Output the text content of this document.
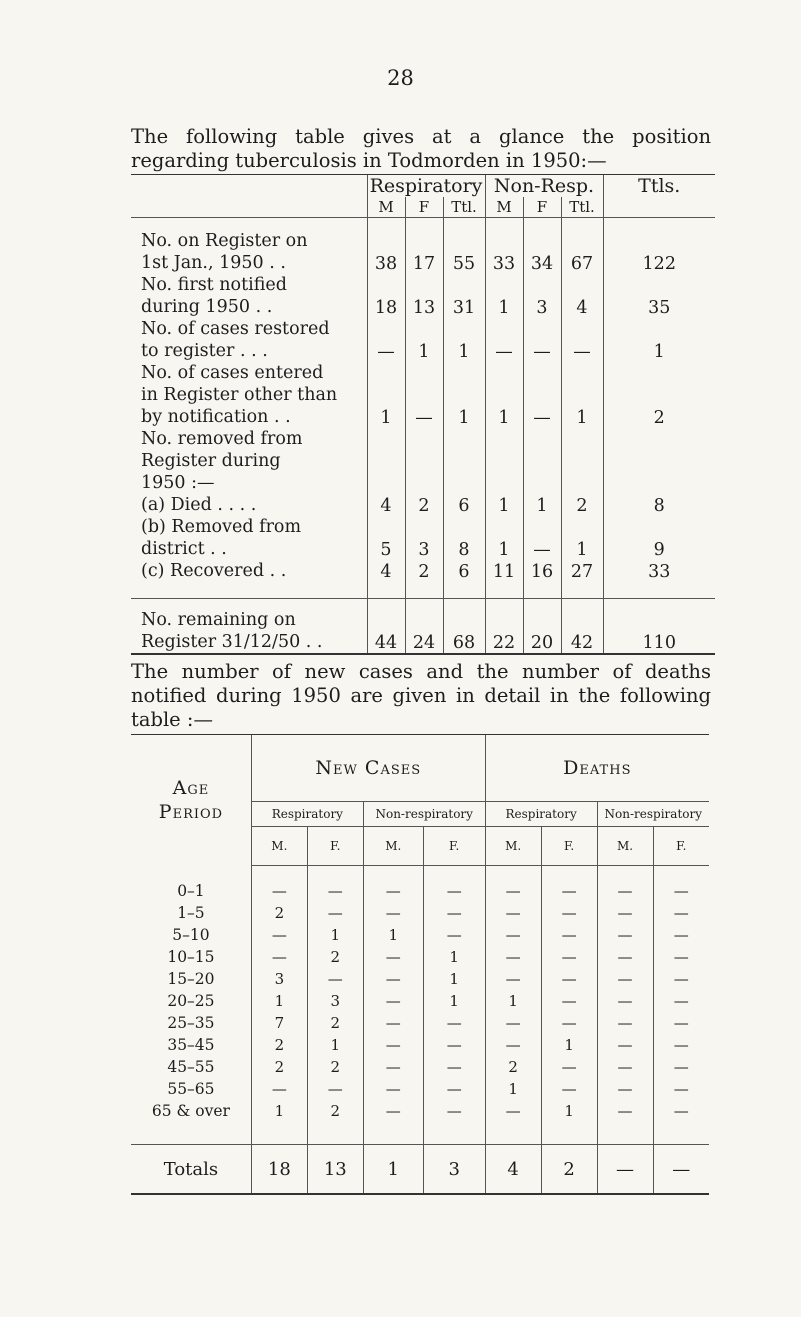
28

The following table gives at a glance the position regarding tuberculosis in Todmorden in 1950:—

	Respiratory			Non-Resp.			Ttls.
	M	F	Ttl.	M	F	Ttl.	

No. on Register on
1st Jan., 1950 . .	38	17	55	33	34	67	122

No. first notified
during 1950 . .	18	13	31	1	3	4	35

No. of cases restored
to register . . .	—	1	1	—	—	—	1

No. of cases entered
in Register other than
by notification . .	1	—	1	1	—	1	2

No. removed from
Register during
1950 :—							

(a) Died . . . .	4	2	6	1	1	2	8

(b) Removed from
district . .	5	3	8	1	—	1	9

(c) Recovered . .	4	2	6	11	16	27	33

No. remaining on
Register 31/12/50 . .	44	24	68	22	20	42	110

The number of new cases and the number of deaths notified during 1950 are given in detail in the following table :—

Age
Period	New Cases				Deaths			
	Respiratory		Non-respiratory		Respiratory		Non-respiratory	
	M.	F.	M.	F.	M.	F.	M.	F.
0–1	—	—	—	—	—	—	—	—
1–5	2	—	—	—	—	—	—	—
5–10	—	1	1	—	—	—	—	—
10–15	—	2	—	1	—	—	—	—
15–20	3	—	—	1	—	—	—	—
20–25	1	3	—	1	1	—	—	—
25–35	7	2	—	—	—	—	—	—
35–45	2	1	—	—	—	1	—	—
45–55	2	2	—	—	2	—	—	—
55–65	—	—	—	—	1	—	—	—
65 & over	1	2	—	—	—	1	—	—

Totals	18	13	1	3	4	2	—	—
